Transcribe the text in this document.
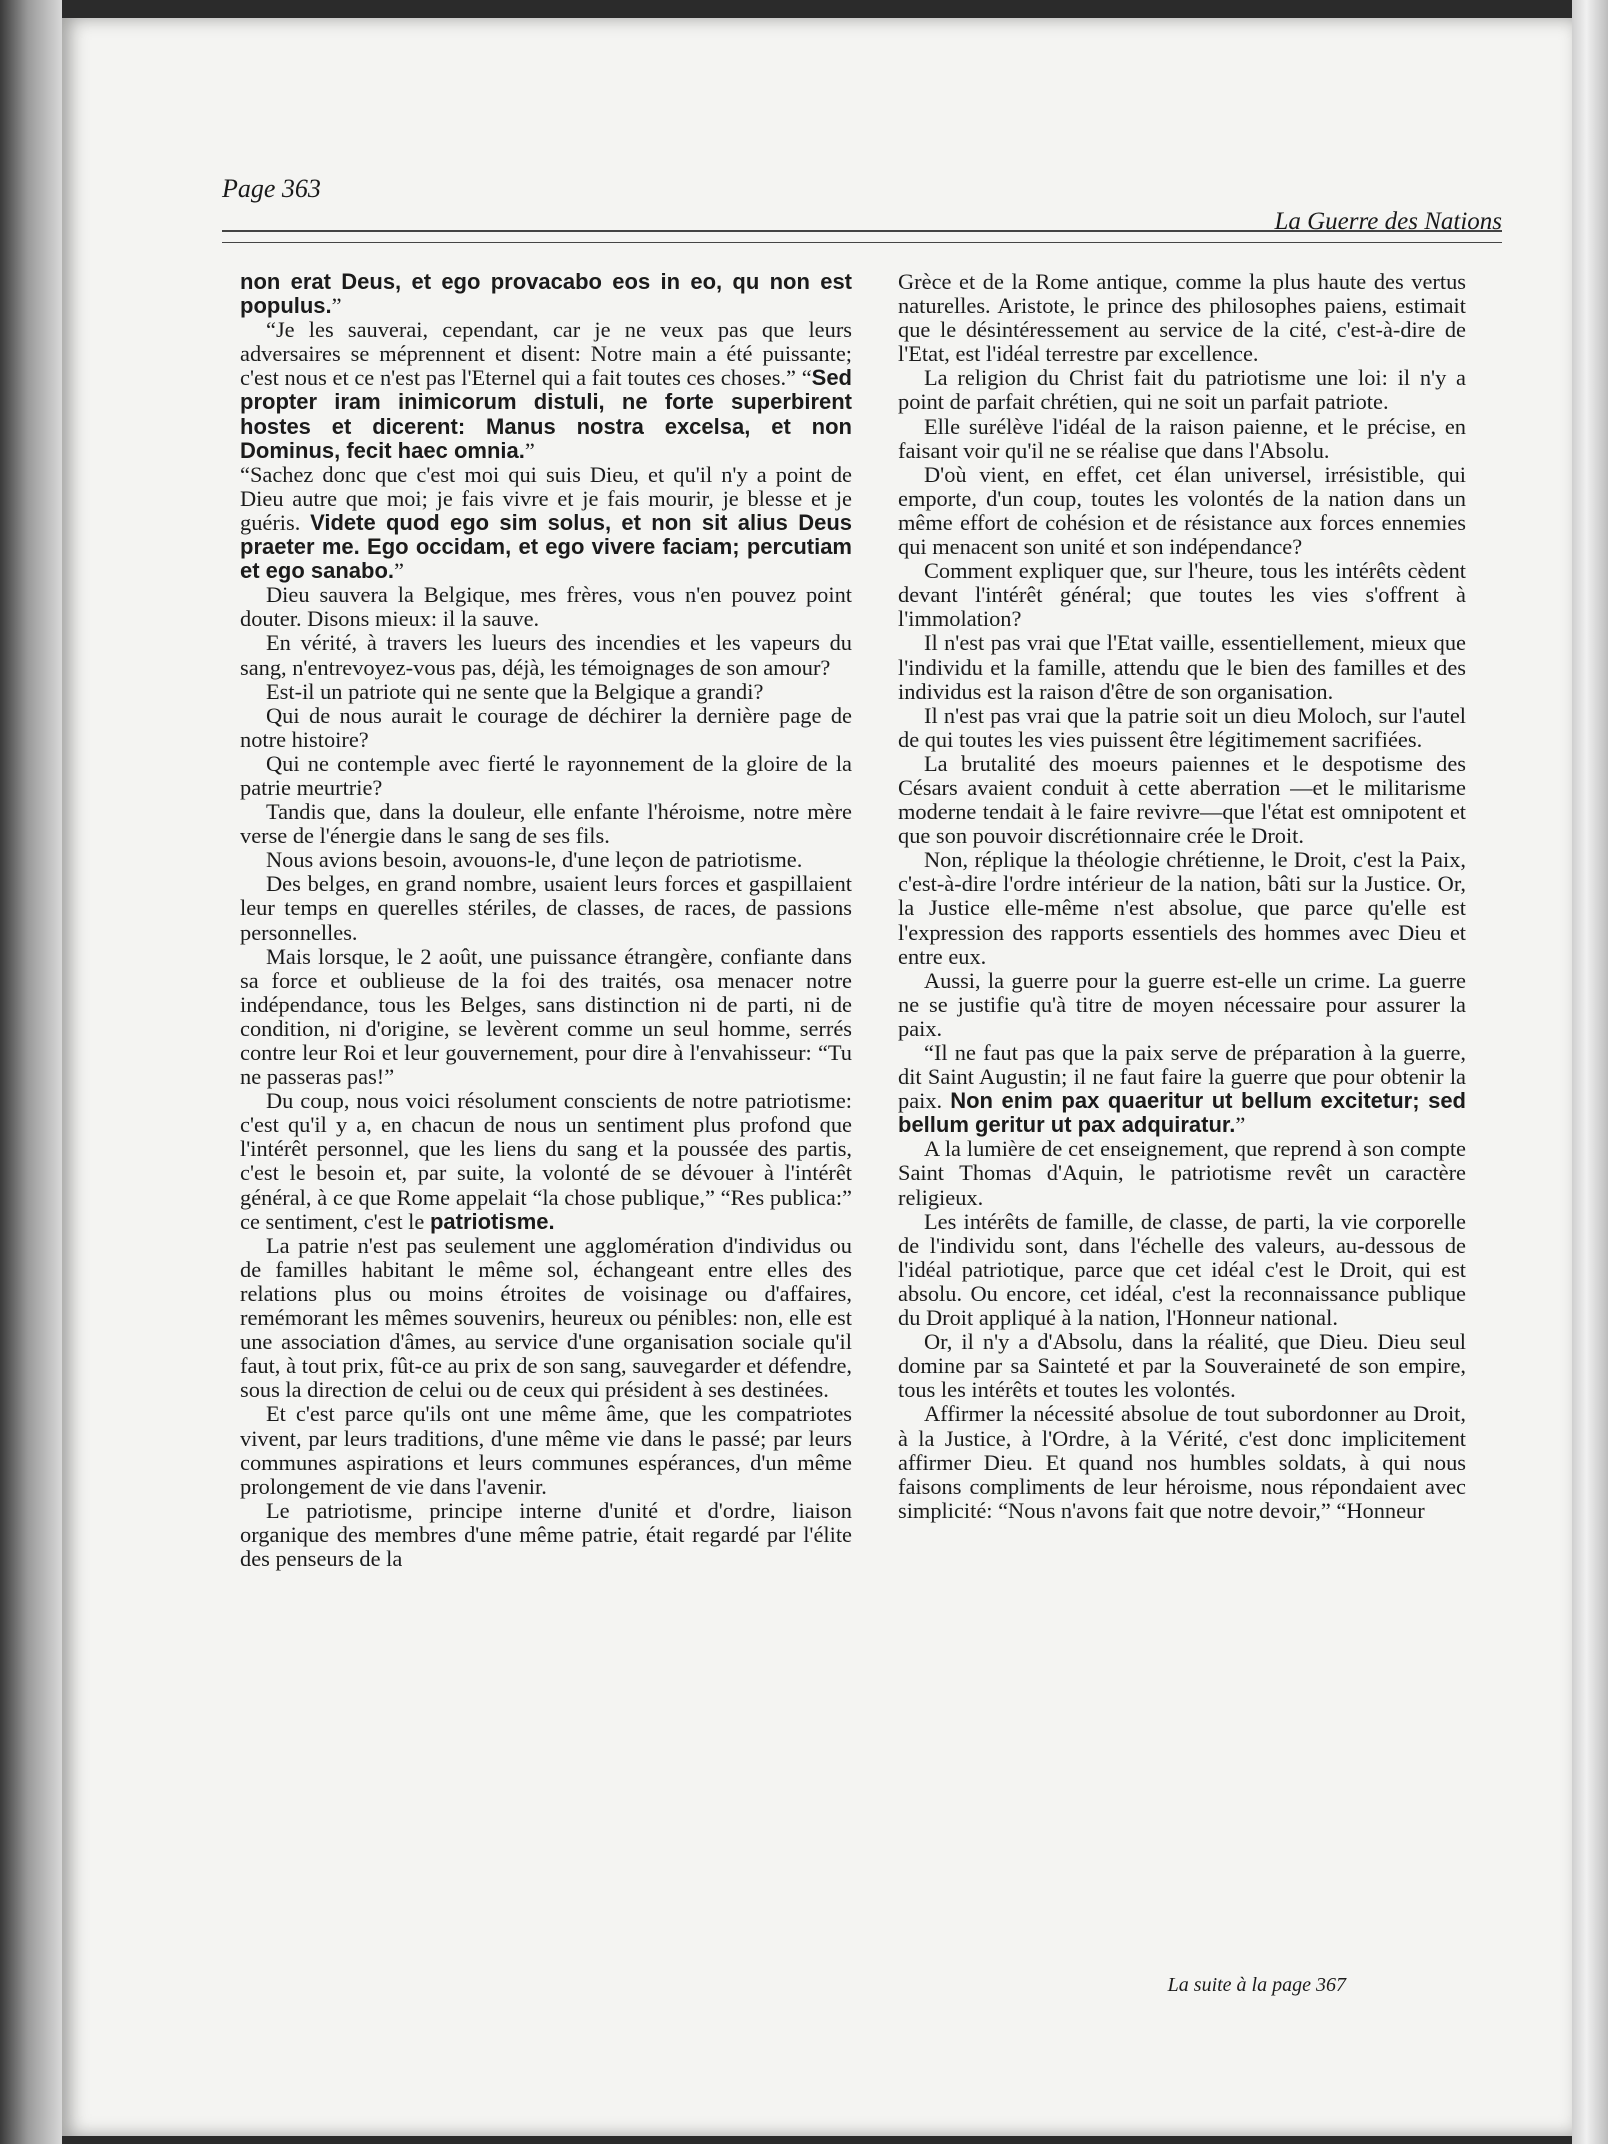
Page 363
La Guerre des Nations

non erat Deus, et ego provacabo eos in eo, qu non est populus.”

“Je les sauverai, cependant, car je ne veux pas que leurs adversaires se méprennent et disent: Notre main a été puissante; c'est nous et ce n'est pas l'Eternel qui a fait toutes ces choses.” “Sed propter iram inimicorum distuli, ne forte superbirent hostes et dicerent: Manus nostra excelsa, et non Dominus, fecit haec omnia.”

“Sachez donc que c'est moi qui suis Dieu, et qu'il n'y a point de Dieu autre que moi; je fais vivre et je fais mourir, je blesse et je guéris. Videte quod ego sim solus, et non sit alius Deus praeter me. Ego occidam, et ego vivere faciam; percutiam et ego sanabo.”

Dieu sauvera la Belgique, mes frères, vous n'en pouvez point douter. Disons mieux: il la sauve.

En vérité, à travers les lueurs des incendies et les vapeurs du sang, n'entrevoyez-vous pas, déjà, les témoignages de son amour?

Est-il un patriote qui ne sente que la Belgique a grandi?

Qui de nous aurait le courage de déchirer la dernière page de notre histoire?

Qui ne contemple avec fierté le rayonnement de la gloire de la patrie meurtrie?

Tandis que, dans la douleur, elle enfante l'héroisme, notre mère verse de l'énergie dans le sang de ses fils.

Nous avions besoin, avouons-le, d'une leçon de patriotisme.

Des belges, en grand nombre, usaient leurs forces et gaspillaient leur temps en querelles stériles, de classes, de races, de passions personnelles.

Mais lorsque, le 2 août, une puissance étrangère, confiante dans sa force et oublieuse de la foi des traités, osa menacer notre indépendance, tous les Belges, sans distinction ni de parti, ni de condition, ni d'origine, se levèrent comme un seul homme, serrés contre leur Roi et leur gouvernement, pour dire à l'envahisseur: “Tu ne passeras pas!”

Du coup, nous voici résolument conscients de notre patriotisme: c'est qu'il y a, en chacun de nous un sentiment plus profond que l'intérêt personnel, que les liens du sang et la poussée des partis, c'est le besoin et, par suite, la volonté de se dévouer à l'intérêt général, à ce que Rome appelait “la chose publique,” “Res publica:” ce sentiment, c'est le patriotisme.

La patrie n'est pas seulement une agglomération d'individus ou de familles habitant le même sol, échangeant entre elles des relations plus ou moins étroites de voisinage ou d'affaires, remémorant les mêmes souvenirs, heureux ou pénibles: non, elle est une association d'âmes, au service d'une organisation sociale qu'il faut, à tout prix, fût-ce au prix de son sang, sauvegarder et défendre, sous la direction de celui ou de ceux qui président à ses destinées.

Et c'est parce qu'ils ont une même âme, que les compatriotes vivent, par leurs traditions, d'une même vie dans le passé; par leurs communes aspirations et leurs communes espérances, d'un même prolongement de vie dans l'avenir.

Le patriotisme, principe interne d'unité et d'ordre, liaison organique des membres d'une même patrie, était regardé par l'élite des penseurs de la

Grèce et de la Rome antique, comme la plus haute des vertus naturelles. Aristote, le prince des philosophes paiens, estimait que le désintéressement au service de la cité, c'est-à-dire de l'Etat, est l'idéal terrestre par excellence.

La religion du Christ fait du patriotisme une loi: il n'y a point de parfait chrétien, qui ne soit un parfait patriote.

Elle surélève l'idéal de la raison paienne, et le précise, en faisant voir qu'il ne se réalise que dans l'Absolu.

D'où vient, en effet, cet élan universel, irrésistible, qui emporte, d'un coup, toutes les volontés de la nation dans un même effort de cohésion et de résistance aux forces ennemies qui menacent son unité et son indépendance?

Comment expliquer que, sur l'heure, tous les intérêts cèdent devant l'intérêt général; que toutes les vies s'offrent à l'immolation?

Il n'est pas vrai que l'Etat vaille, essentiellement, mieux que l'individu et la famille, attendu que le bien des familles et des individus est la raison d'être de son organisation.

Il n'est pas vrai que la patrie soit un dieu Moloch, sur l'autel de qui toutes les vies puissent être légitimement sacrifiées.

La brutalité des moeurs paiennes et le despotisme des Césars avaient conduit à cette aberration —et le militarisme moderne tendait à le faire revivre—que l'état est omnipotent et que son pouvoir discrétionnaire crée le Droit.

Non, réplique la théologie chrétienne, le Droit, c'est la Paix, c'est-à-dire l'ordre intérieur de la nation, bâti sur la Justice. Or, la Justice elle-même n'est absolue, que parce qu'elle est l'expression des rapports essentiels des hommes avec Dieu et entre eux.

Aussi, la guerre pour la guerre est-elle un crime. La guerre ne se justifie qu'à titre de moyen nécessaire pour assurer la paix.

“Il ne faut pas que la paix serve de préparation à la guerre, dit Saint Augustin; il ne faut faire la guerre que pour obtenir la paix. Non enim pax quaeritur ut bellum excitetur; sed bellum geritur ut pax adquiratur.”

A la lumière de cet enseignement, que reprend à son compte Saint Thomas d'Aquin, le patriotisme revêt un caractère religieux.

Les intérêts de famille, de classe, de parti, la vie corporelle de l'individu sont, dans l'échelle des valeurs, au-dessous de l'idéal patriotique, parce que cet idéal c'est le Droit, qui est absolu. Ou encore, cet idéal, c'est la reconnaissance publique du Droit appliqué à la nation, l'Honneur national.

Or, il n'y a d'Absolu, dans la réalité, que Dieu. Dieu seul domine par sa Sainteté et par la Souveraineté de son empire, tous les intérêts et toutes les volontés.

Affirmer la nécessité absolue de tout subordonner au Droit, à la Justice, à l'Ordre, à la Vérité, c'est donc implicitement affirmer Dieu. Et quand nos humbles soldats, à qui nous faisons compliments de leur héroisme, nous répondaient avec simplicité: “Nous n'avons fait que notre devoir,” “Honneur

La suite à la page 367
